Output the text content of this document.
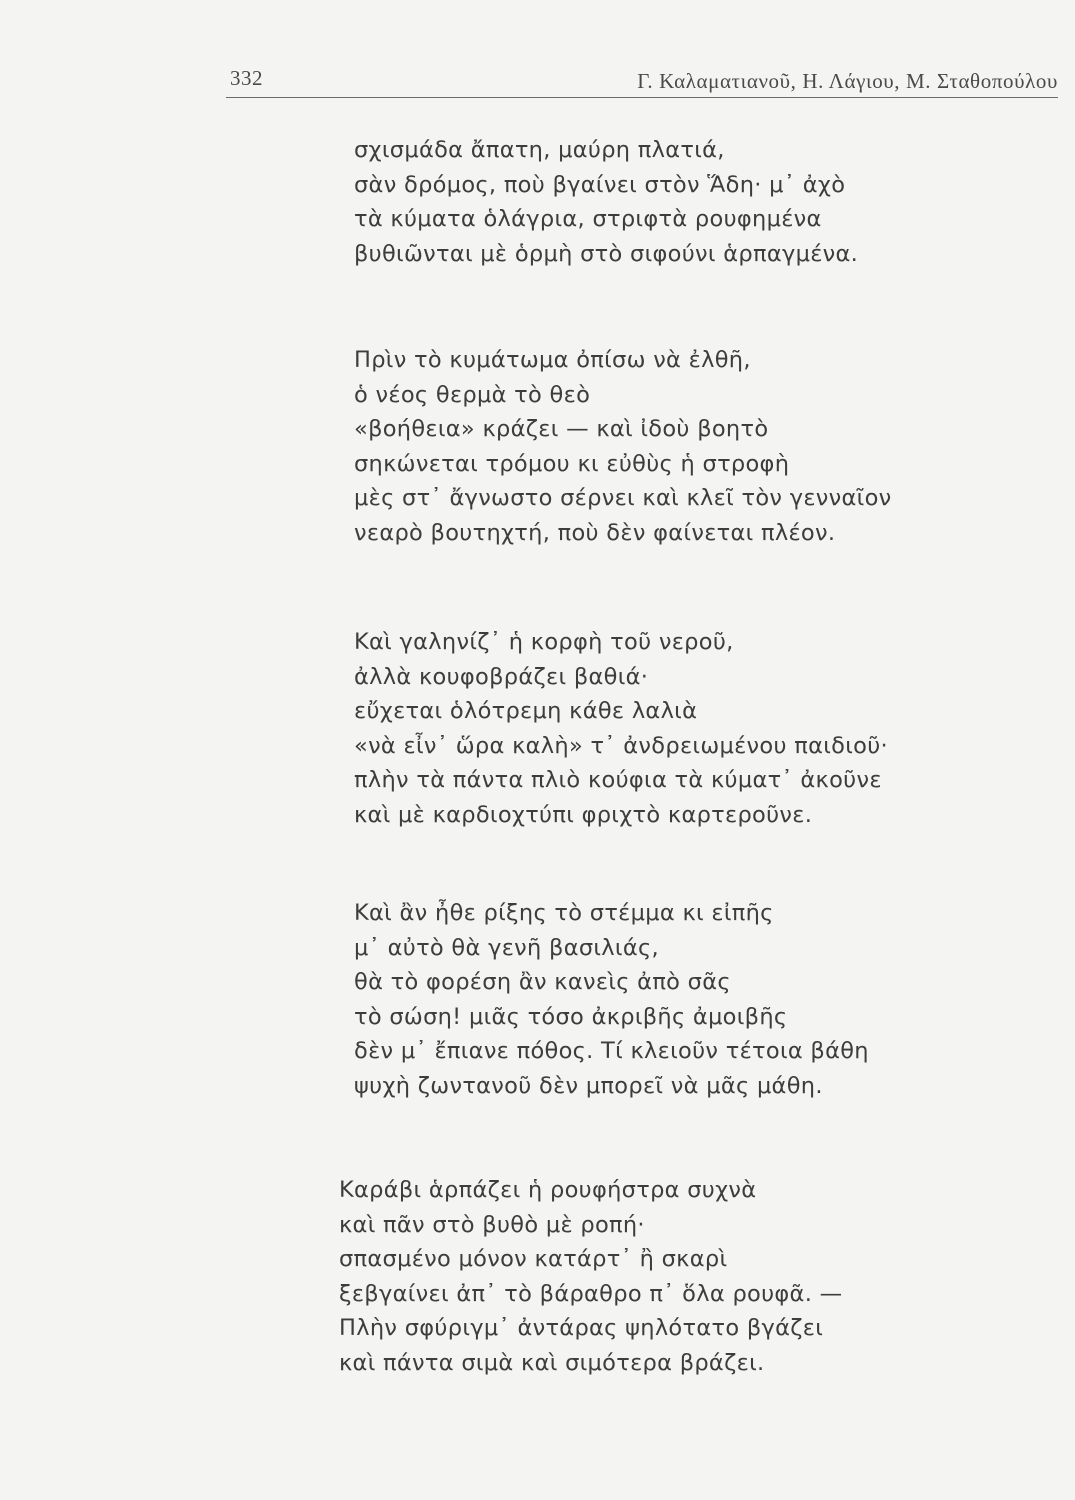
332	Γ. Καλαματιανοῦ, Η. Λάγιου, Μ. Σταθοπούλου
σχισμάδα ἄπατη, μαύρη πλατιά,
σὰν δρόμος, ποὺ βγαίνει στὸν Ἅδη· μ᾽ ἀχὸ
τὰ κύματα ὁλάγρια, στριφτὰ ρουφημένα
βυθιῶνται μὲ ὁρμὴ στὸ σιφούνι ἁρπαγμένα.
Πρὶν τὸ κυμάτωμα ὀπίσω νὰ ἐλθῆ,
ὁ νέος θερμὰ τὸ θεὸ
«βοήθεια» κράζει — καὶ ἰδοὺ βοητὸ
σηκώνεται τρόμου κι εὐθὺς ἡ στροφὴ
μὲς στ᾽ ἄγνωστο σέρνει καὶ κλεῖ τὸν γενναῖον
νεαρὸ βουτηχτή, ποὺ δὲν φαίνεται πλέον.
Καὶ γαληνίζ᾽ ἡ κορφὴ τοῦ νεροῦ,
ἀλλὰ κουφοβράζει βαθιά·
εὔχεται ὁλότρεμη κάθε λαλιὰ
«νὰ εἶν᾽ ὥρα καλὴ» τ᾽ ἀνδρειωμένου παιδιοῦ·
πλὴν τὰ πάντα πλιὸ κούφια τὰ κύματ᾽ ἀκοῦνε
καὶ μὲ καρδιοχτύπι φριχτὸ καρτεροῦνε.
Καὶ ἂν ἦθε ρίξης τὸ στέμμα κι εἰπῆς
μ᾽ αὐτὸ θὰ γενῆ βασιλιάς,
θὰ τὸ φορέση ἂν κανεὶς ἀπὸ σᾶς
τὸ σώση! μιᾶς τόσο ἀκριβῆς ἀμοιβῆς
δὲν μ᾽ ἔπιανε πόθος. Τί κλειοῦν τέτοια βάθη
ψυχὴ ζωντανοῦ δὲν μπορεῖ νὰ μᾶς μάθη.
Καράβι ἁρπάζει ἡ ρουφήστρα συχνὰ
καὶ πᾶν στὸ βυθὸ μὲ ροπή·
σπασμένο μόνον κατάρτ᾽ ἢ σκαρὶ
ξεβγαίνει ἀπ᾽ τὸ βάραθρο π᾽ ὅλα ρουφᾶ. —
Πλὴν σφύριγμ᾽ ἀντάρας ψηλότατο βγάζει
καὶ πάντα σιμὰ καὶ σιμότερα βράζει.
